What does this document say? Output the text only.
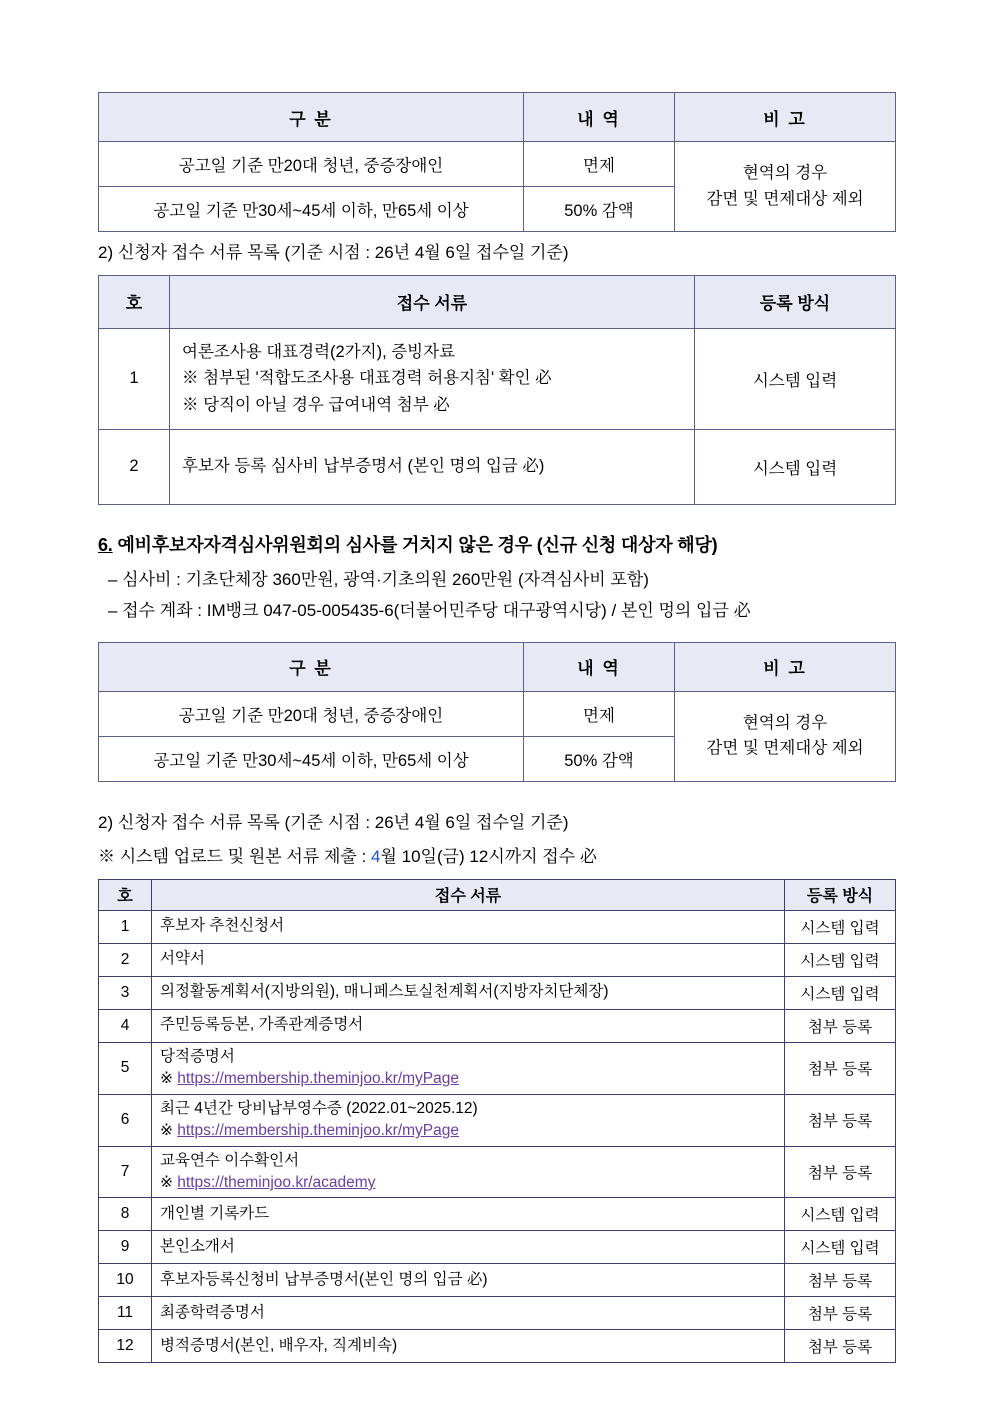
구 분	내 역	비 고
공고일 기준 만20대 청년, 중증장애인	면제	현역의 경우
감면 및 면제대상 제외

공고일 기준 만30세~45세 이하, 만65세 이상	50% 감액	
2) 신청자 접수 서류 목록 (기준 시점 : 26년 4월 6일 접수일 기준)
호	접수 서류	등록 방식
1	여론조사용 대표경력(2가지), 증빙자료
※ 첨부된 '적합도조사용 대표경력 허용지침' 확인 必
※ 당직이 아닐 경우 급여내역 첨부 必	시스템 입력
2	후보자 등록 심사비 납부증명서 (본인 명의 입금 必)	시스템 입력
6. 예비후보자자격심사위원회의 심사를 거치지 않은 경우 (신규 신청 대상자 해당)
– 심사비 : 기초단체장 360만원, 광역·기초의원 260만원 (자격심사비 포함)
– 접수 계좌 : IM뱅크 047-05-005435-6(더불어민주당 대구광역시당) / 본인 멍의 입금 必
구 분	내 역	비 고
공고일 기준 만20대 청년, 중증장애인	면제	현역의 경우
감면 및 면제대상 제외

공고일 기준 만30세~45세 이하, 만65세 이상	50% 감액	
2) 신청자 접수 서류 목록 (기준 시점 : 26년 4월 6일 접수일 기준)
※ 시스템 업로드 및 원본 서류 제출 : 4월 10일(금) 12시까지 접수 必
호	접수 서류	등록 방식
1	후보자 추천신청서	시스템 입력
2	서약서	시스템 입력
3	의정활동계획서(지방의원), 매니페스토실천계획서(지방자치단체장)	시스템 입력
4	주민등록등본, 가족관계증명서	첨부 등록
5	당적증명서
※ https://membership.theminjoo.kr/myPage	첨부 등록
6	최근 4년간 당비납부영수증 (2022.01~2025.12)
※ https://membership.theminjoo.kr/myPage	첨부 등록
7	교육연수 이수확인서
※ https://theminjoo.kr/academy	첨부 등록
8	개인별 기록카드	시스템 입력
9	본인소개서	시스템 입력
10	후보자등록신청비 납부증명서(본인 명의 입금 必)	첨부 등록
11	최종학력증명서	첨부 등록
12	병적증명서(본인, 배우자, 직계비속)	첨부 등록
